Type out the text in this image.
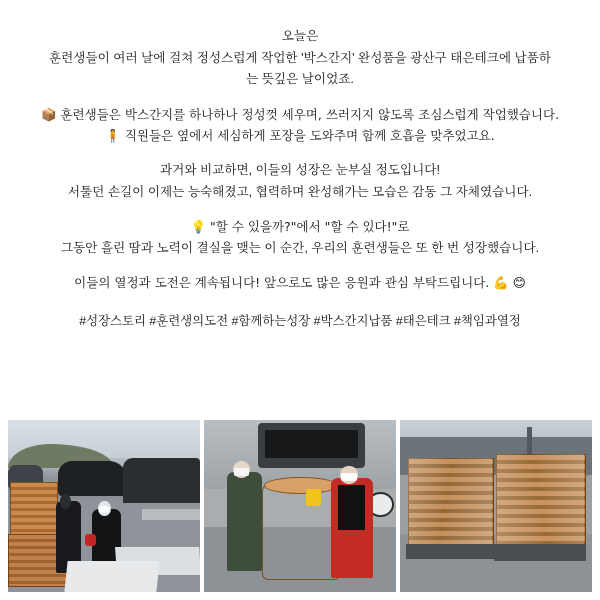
오늘은
훈련생들이 여러 날에 걸쳐 정성스럽게 작업한 '박스간지' 완성품을 광산구 태은테크에 납품하
는 뜻깊은 날이었죠.

📦 훈련생들은 박스간지를 하나하나 정성껏 세우며, 쓰러지지 않도록 조심스럽게 작업했습니다.
🧍 직원들은 옆에서 세심하게 포장을 도와주며 함께 호흡을 맞추었고요.

과거와 비교하면, 이들의 성장은 눈부실 정도입니다!
서툴던 손길이 이제는 능숙해졌고, 협력하며 완성해가는 모습은 감동 그 자체였습니다.

💡 "할 수 있을까?"에서 "할 수 있다!"로
그동안 흘린 땀과 노력이 결실을 맺는 이 순간, 우리의 훈련생들은 또 한 번 성장했습니다.

이들의 열정과 도전은 계속됩니다! 앞으로도 많은 응원과 관심 부탁드립니다. 💪 😊

#성장스토리 #훈련생의도전 #함께하는성장 #박스간지납품 #태은테크 #책임과열정
